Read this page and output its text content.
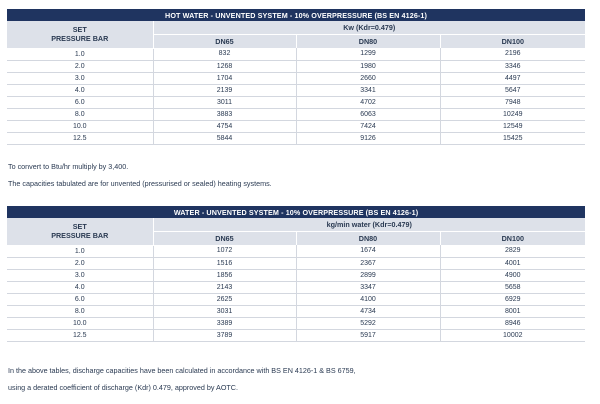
HOT WATER - UNVENTED SYSTEM - 10% OVERPRESSURE (BS EN 4126-1)			
SET
PRESSURE BAR	Kw (Kdr=0.479)		
	DN65	DN80	DN100
1.0	832	1299	2196
2.0	1268	1980	3346
3.0	1704	2660	4497
4.0	2139	3341	5647
6.0	3011	4702	7948
8.0	3883	6063	10249
10.0	4754	7424	12549
12.5	5844	9126	15425

To convert to Btu/hr multiply by 3,400.

The capacities tabulated are for unvented (pressurised or sealed) heating systems.

WATER - UNVENTED SYSTEM - 10% OVERPRESSURE (BS EN 4126-1)			
SET
PRESSURE BAR	kg/min water (Kdr=0.479)		
	DN65	DN80	DN100
1.0	1072	1674	2829
2.0	1516	2367	4001
3.0	1856	2899	4900
4.0	2143	3347	5658
6.0	2625	4100	6929
8.0	3031	4734	8001
10.0	3389	5292	8946
12.5	3789	5917	10002

In the above tables, discharge capacities have been calculated in accordance with BS EN 4126-1 & BS 6759,

using a derated coefficient of discharge (Kdr) 0.479, approved by AOTC.
